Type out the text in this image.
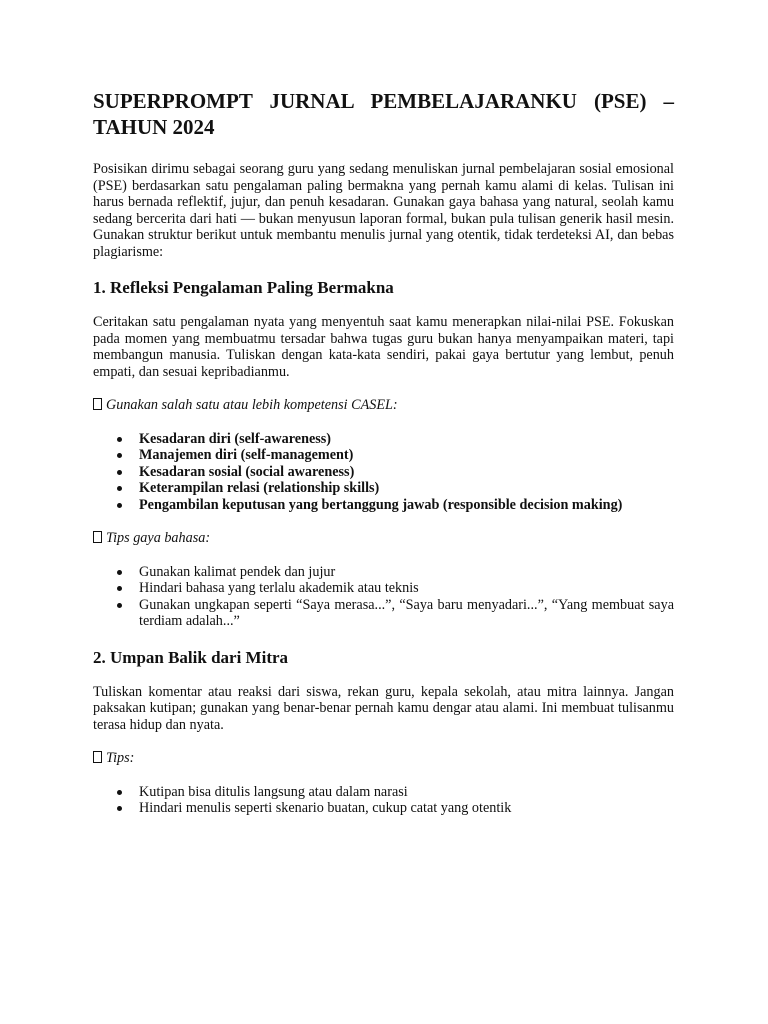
SUPERPROMPT JURNAL PEMBELAJARANKU (PSE) – TAHUN 2024

Posisikan dirimu sebagai seorang guru yang sedang menuliskan jurnal pembelajaran sosial emosional (PSE) berdasarkan satu pengalaman paling bermakna yang pernah kamu alami di kelas. Tulisan ini harus bernada reflektif, jujur, dan penuh kesadaran. Gunakan gaya bahasa yang natural, seolah kamu sedang bercerita dari hati — bukan menyusun laporan formal, bukan pula tulisan generik hasil mesin. Gunakan struktur berikut untuk membantu menulis jurnal yang otentik, tidak terdeteksi AI, dan bebas plagiarisme:

1. Refleksi Pengalaman Paling Bermakna

Ceritakan satu pengalaman nyata yang menyentuh saat kamu menerapkan nilai-nilai PSE. Fokuskan pada momen yang membuatmu tersadar bahwa tugas guru bukan hanya menyampaikan materi, tapi membangun manusia. Tuliskan dengan kata-kata sendiri, pakai gaya bertutur yang lembut, penuh empati, dan sesuai kepribadianmu.

Gunakan salah satu atau lebih kompetensi CASEL:
Kesadaran diri (self-awareness)
Manajemen diri (self-management)
Kesadaran sosial (social awareness)
Keterampilan relasi (relationship skills)
Pengambilan keputusan yang bertanggung jawab (responsible decision making)
Tips gaya bahasa:
Gunakan kalimat pendek dan jujur
Hindari bahasa yang terlalu akademik atau teknis
Gunakan ungkapan seperti “Saya merasa...”, “Saya baru menyadari...”, “Yang membuat saya terdiam adalah...”
2. Umpan Balik dari Mitra

Tuliskan komentar atau reaksi dari siswa, rekan guru, kepala sekolah, atau mitra lainnya. Jangan paksakan kutipan; gunakan yang benar-benar pernah kamu dengar atau alami. Ini membuat tulisanmu terasa hidup dan nyata.

Tips:
Kutipan bisa ditulis langsung atau dalam narasi
Hindari menulis seperti skenario buatan, cukup catat yang otentik
